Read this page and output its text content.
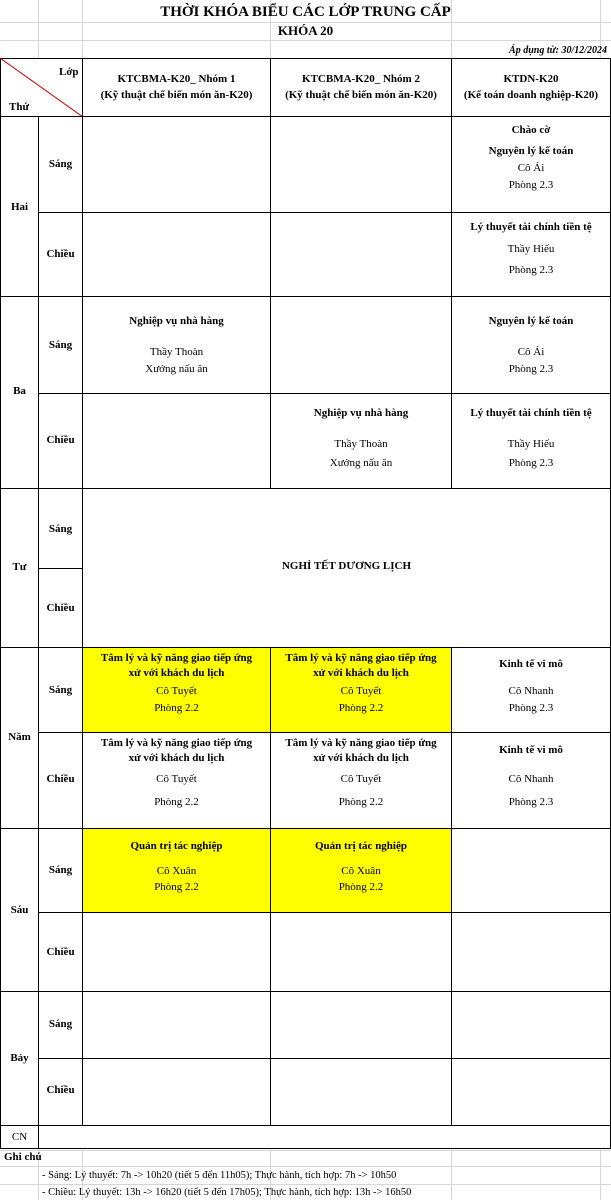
THỜI KHÓA BIỂU CÁC LỚP TRUNG CẤP
KHÓA 20
Áp dụng từ: 30/12/2024
Lớp
Thứ
KTCBMA-K20_ Nhóm 1
(Kỹ thuật chế biến món ăn-K20)
KTCBMA-K20_ Nhóm 2
(Kỹ thuật chế biến món ăn-K20)
KTDN-K20
(Kế toán doanh nghiệp-K20)
Hai
Sáng
Chiều
Chào cờ
Nguyên lý kế toán
Cô Ái
Phòng 2.3
Lý thuyết tài chính tiền tệ
Thầy Hiếu
Phòng 2.3
Ba
Sáng
Chiều
Nghiệp vụ nhà hàng
Thầy Thoàn
Xưởng nấu ăn
Nguyên lý kế toán
Cô Ái
Phòng 2.3
Nghiệp vụ nhà hàng
Thầy Thoàn
Xưởng nấu ăn
Lý thuyết tài chính tiền tệ
Thầy Hiếu
Phòng 2.3
Tư
Sáng
Chiều
NGHỈ TẾT DƯƠNG LỊCH
Năm
Sáng
Chiều
Tâm lý và kỹ năng giao tiếp ứng
xử với khách du lịch
Cô Tuyết
Phòng 2.2
Tâm lý và kỹ năng giao tiếp ứng
xử với khách du lịch
Cô Tuyết
Phòng 2.2
Kinh tế vi mô
Cô Nhanh
Phòng 2.3
Tâm lý và kỹ năng giao tiếp ứng
xử với khách du lịch
Cô Tuyết
Phòng 2.2
Tâm lý và kỹ năng giao tiếp ứng
xử với khách du lịch
Cô Tuyết
Phòng 2.2
Kinh tế vi mô
Cô Nhanh
Phòng 2.3
Sáu
Sáng
Chiều
Quản trị tác nghiệp
Cô Xuân
Phòng 2.2
Quản trị tác nghiệp
Cô Xuân
Phòng 2.2
Bảy
Sáng
Chiều
CN
Ghi chú
- Sáng: Lý thuyết: 7h -> 10h20 (tiết 5 đến 11h05); Thực hành, tích hợp: 7h -> 10h50
- Chiều: Lý thuyết: 13h -> 16h20 (tiết 5 đến 17h05); Thực hành, tích hợp: 13h -> 16h50
